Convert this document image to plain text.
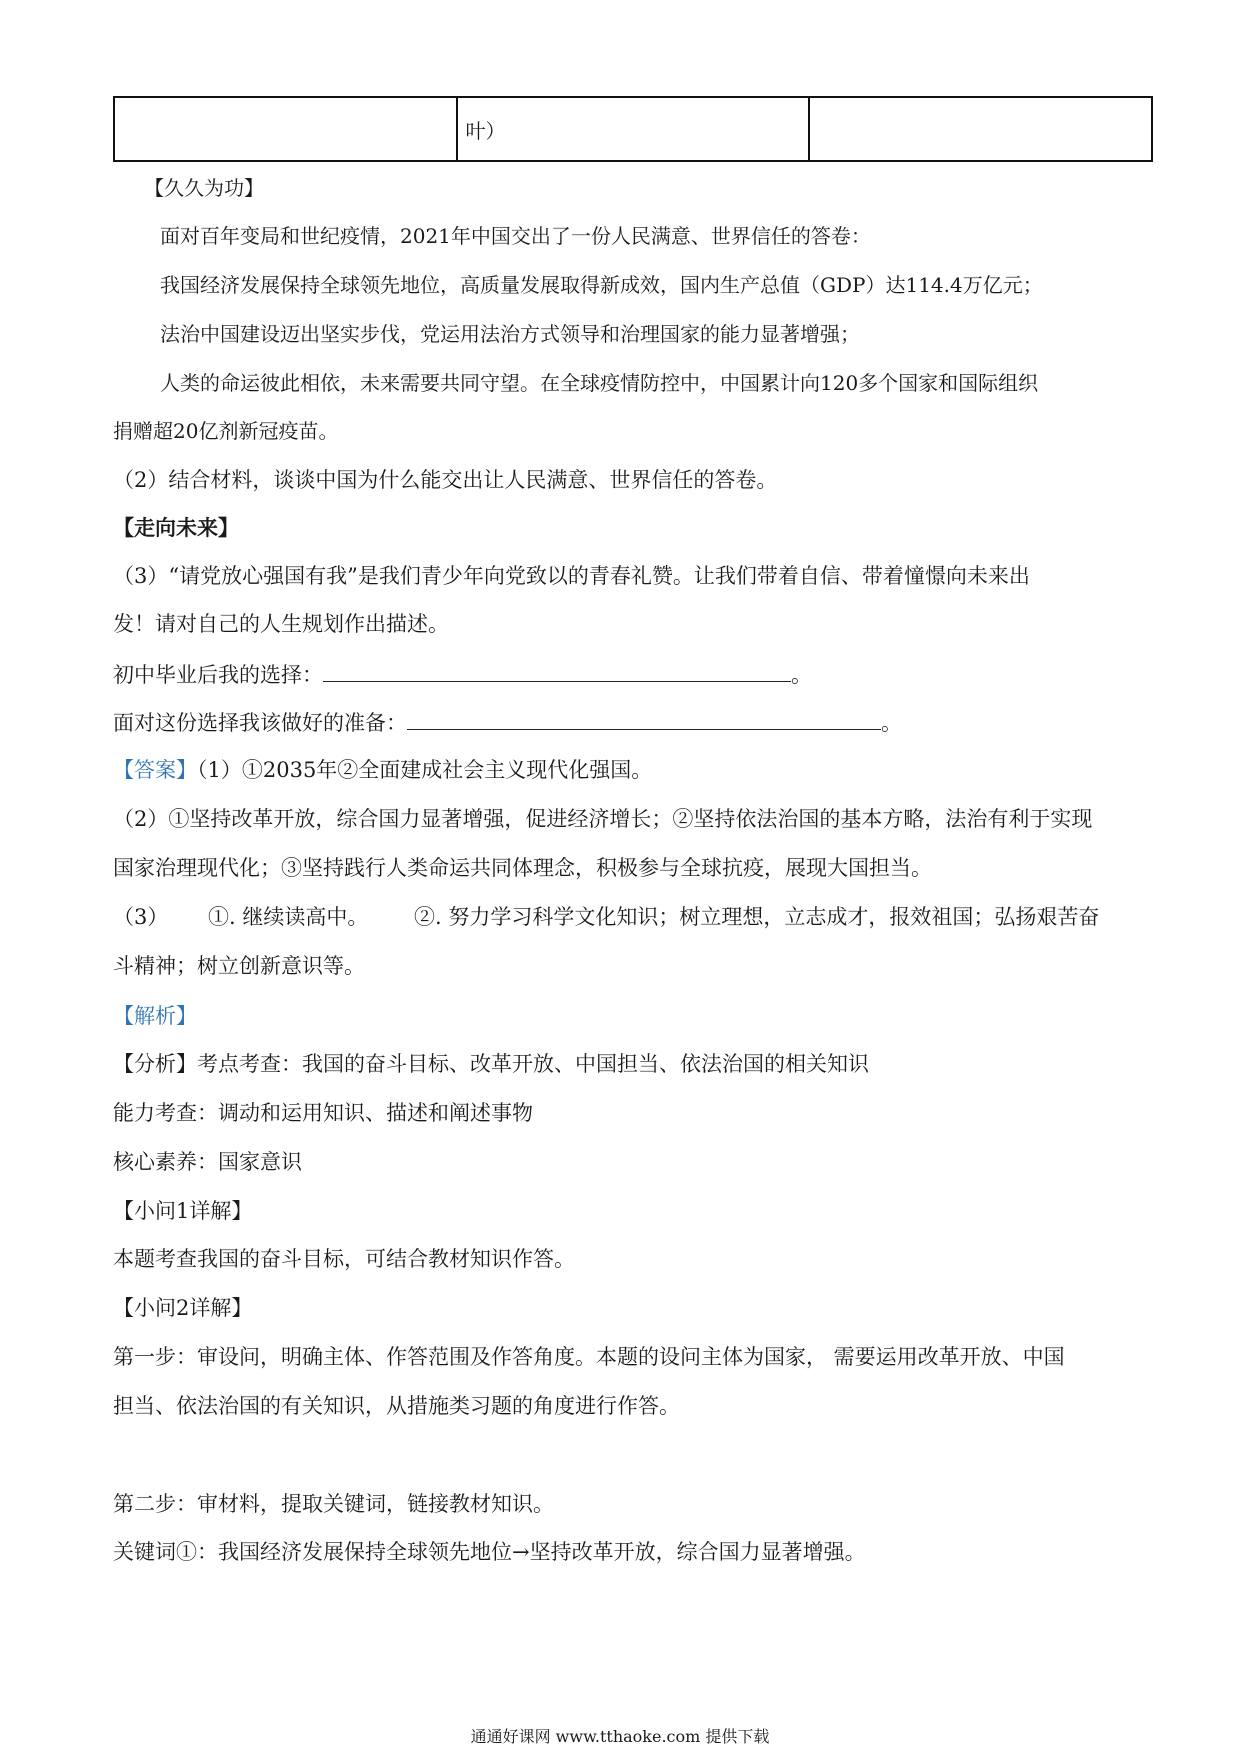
	叶）	
【久久为功】
面对百年变局和世纪疫情，2021年中国交出了一份人民满意、世界信任的答卷：
我国经济发展保持全球领先地位，高质量发展取得新成效，国内生产总值（GDP）达114.4万亿元；
法治中国建设迈出坚实步伐，党运用法治方式领导和治理国家的能力显著增强；
人类的命运彼此相依，未来需要共同守望。在全球疫情防控中，中国累计向120多个国家和国际组织
捐赠超20亿剂新冠疫苗。
（2）结合材料，谈谈中国为什么能交出让人民满意、世界信任的答卷。
【走向未来】
（3）“请党放心强国有我”是我们青少年向党致以的青春礼赞。让我们带着自信、带着憧憬向未来出
发！请对自己的人生规划作出描述。
初中毕业后我的选择：	。
面对这份选择我该做好的准备：	。
【答案】（1）①2035年②全面建成社会主义现代化强国。
（2）①坚持改革开放，综合国力显著增强，促进经济增长；②坚持依法治国的基本方略，法治有利于实现
国家治理现代化；③坚持践行人类命运共同体理念，积极参与全球抗疫，展现大国担当。
（3） ①. 继续读高中。 ②. 努力学习科学文化知识；树立理想，立志成才，报效祖国；弘扬艰苦奋
斗精神；树立创新意识等。
【解析】
【分析】考点考查：我国的奋斗目标、改革开放、中国担当、依法治国的相关知识
能力考查：调动和运用知识、描述和阐述事物
核心素养：国家意识
【小问1详解】
本题考查我国的奋斗目标，可结合教材知识作答。
【小问2详解】
第一步：审设问，明确主体、作答范围及作答角度。本题的设问主体为国家， 需要运用改革开放、中国
担当、依法治国的有关知识，从措施类习题的角度进行作答。
第二步：审材料，提取关键词，链接教材知识。
关键词①：我国经济发展保持全球领先地位→坚持改革开放，综合国力显著增强。
通通好课网 www.tthaoke.com 提供下载
